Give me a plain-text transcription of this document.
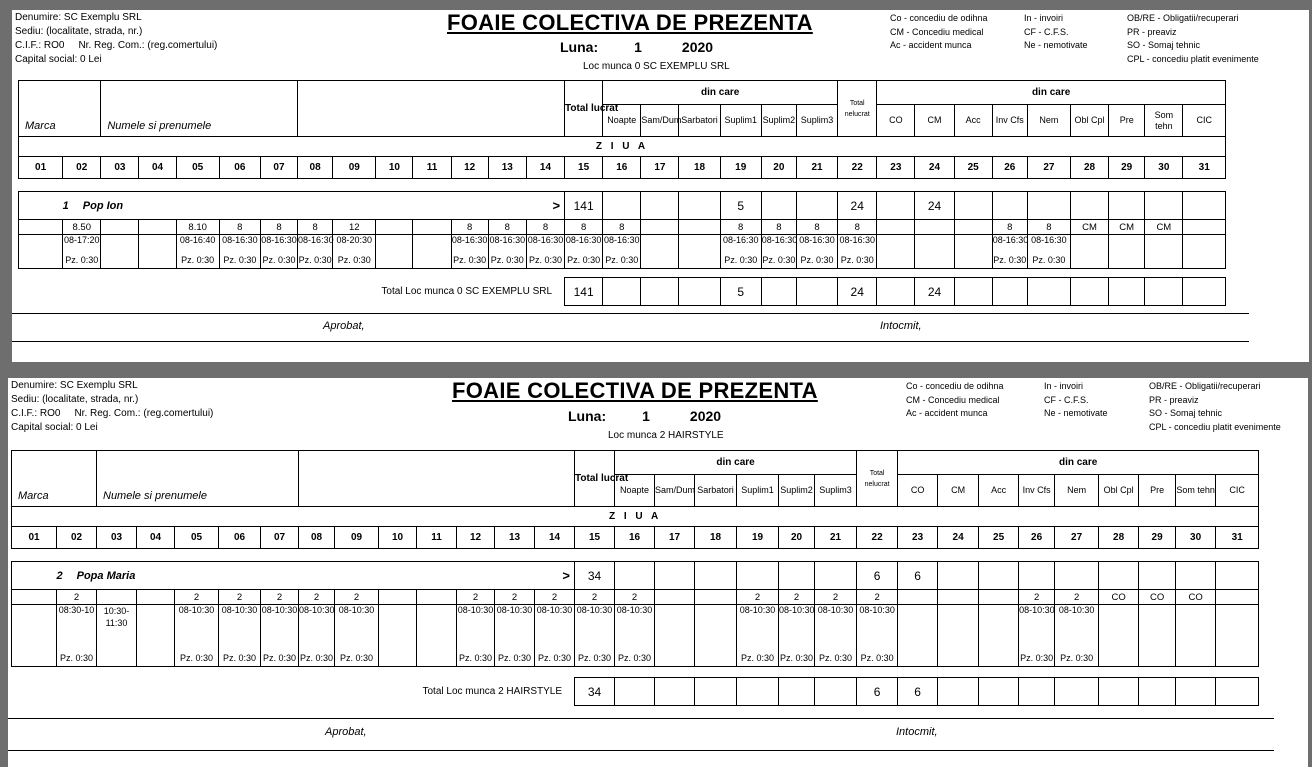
Denumire: SC Exemplu SRL
Sediu: (localitate, strada, nr.)
C.I.F.: RO0 Nr. Reg. Com.: (reg.comertului)
Capital social: 0 Lei
FOAIE COLECTIVA DE PREZENTA
Luna:	1	2020
Loc munca 0 SC EXEMPLU SRL
Co - concediu de odihna
CM - Concediu medical
Ac - accident munca
In - invoiri
CF - C.F.S.
Ne - nemotivate
OB/RE - Obligatii/recuperari
PR - preaviz
SO - Somaj tehnic
CPL - concediu platit evenimente
Marca		Numele si prenumele												Total lucrat	din care						Total nelucrat	din care								
															Noapte	Sam/Dum	Sarbatori	Suplim1	Suplim2	Suplim3		CO	CM	Acc	Inv Cfs	Nem	Obl Cpl	Pre	Som tehn	CIC
Z I U A																														
01	02	03	04	05	06	07	08	09	10	11	12	13	14	15	16	17	18	19	20	21	22	23	24	25	26	27	28	29	30	31

	1 Pop Ion		>											141				5			24		24							
	8.50			8.10	8	8	8	12			8	8	8	8	8			8	8	8	8				8	8	CM	CM	CM	
	08-17:20			08-16:40	08-16:30	08-16:30	08-16:30	08-20:30			08-16:30	08-16:30	08-16:30	08-16:30	08-16:30			08-16:30	08-16:30	08-16:30	08-16:30				08-16:30	08-16:30				
	Pz. 0:30			Pz. 0:30	Pz. 0:30	Pz. 0:30	Pz. 0:30	Pz. 0:30			Pz. 0:30	Pz. 0:30	Pz. 0:30	Pz. 0:30	Pz. 0:30			Pz. 0:30	Pz. 0:30	Pz. 0:30	Pz. 0:30				Pz. 0:30	Pz. 0:30				

Total Loc munca 0 SC EXEMPLU SRL														141				5			24		24							
Aprobat,	Intocmit,
Denumire: SC Exemplu SRL
Sediu: (localitate, strada, nr.)
C.I.F.: RO0 Nr. Reg. Com.: (reg.comertului)
Capital social: 0 Lei
FOAIE COLECTIVA DE PREZENTA
Luna:	1	2020
Loc munca 2 HAIRSTYLE
Co - concediu de odihna
CM - Concediu medical
Ac - accident munca
In - invoiri
CF - C.F.S.
Ne - nemotivate
OB/RE - Obligatii/recuperari
PR - preaviz
SO - Somaj tehnic
CPL - concediu platit evenimente
Marca		Numele si prenumele												Total lucrat	din care						Total nelucrat	din care								
															Noapte	Sam/Dum	Sarbatori	Suplim1	Suplim2	Suplim3		CO	CM	Acc	Inv Cfs	Nem	Obl Cpl	Pre	Som tehn	CIC
Z I U A																														
01	02	03	04	05	06	07	08	09	10	11	12	13	14	15	16	17	18	19	20	21	22	23	24	25	26	27	28	29	30	31

	2 Popa Maria		>											34							6	6								
	2			2	2	2	2	2			2	2	2	2	2			2	2	2	2				2	2	CO	CO	CO	
	08:30-10	10:30-11:30		08-10:30	08-10:30	08-10:30	08-10:30	08-10:30			08-10:30	08-10:30	08-10:30	08-10:30	08-10:30			08-10:30	08-10:30	08-10:30	08-10:30				08-10:30	08-10:30				
	Pz. 0:30			Pz. 0:30	Pz. 0:30	Pz. 0:30	Pz. 0:30	Pz. 0:30			Pz. 0:30	Pz. 0:30	Pz. 0:30	Pz. 0:30	Pz. 0:30			Pz. 0:30	Pz. 0:30	Pz. 0:30	Pz. 0:30				Pz. 0:30	Pz. 0:30				

Total Loc munca 2 HAIRSTYLE														34							6	6								
Aprobat,	Intocmit,
